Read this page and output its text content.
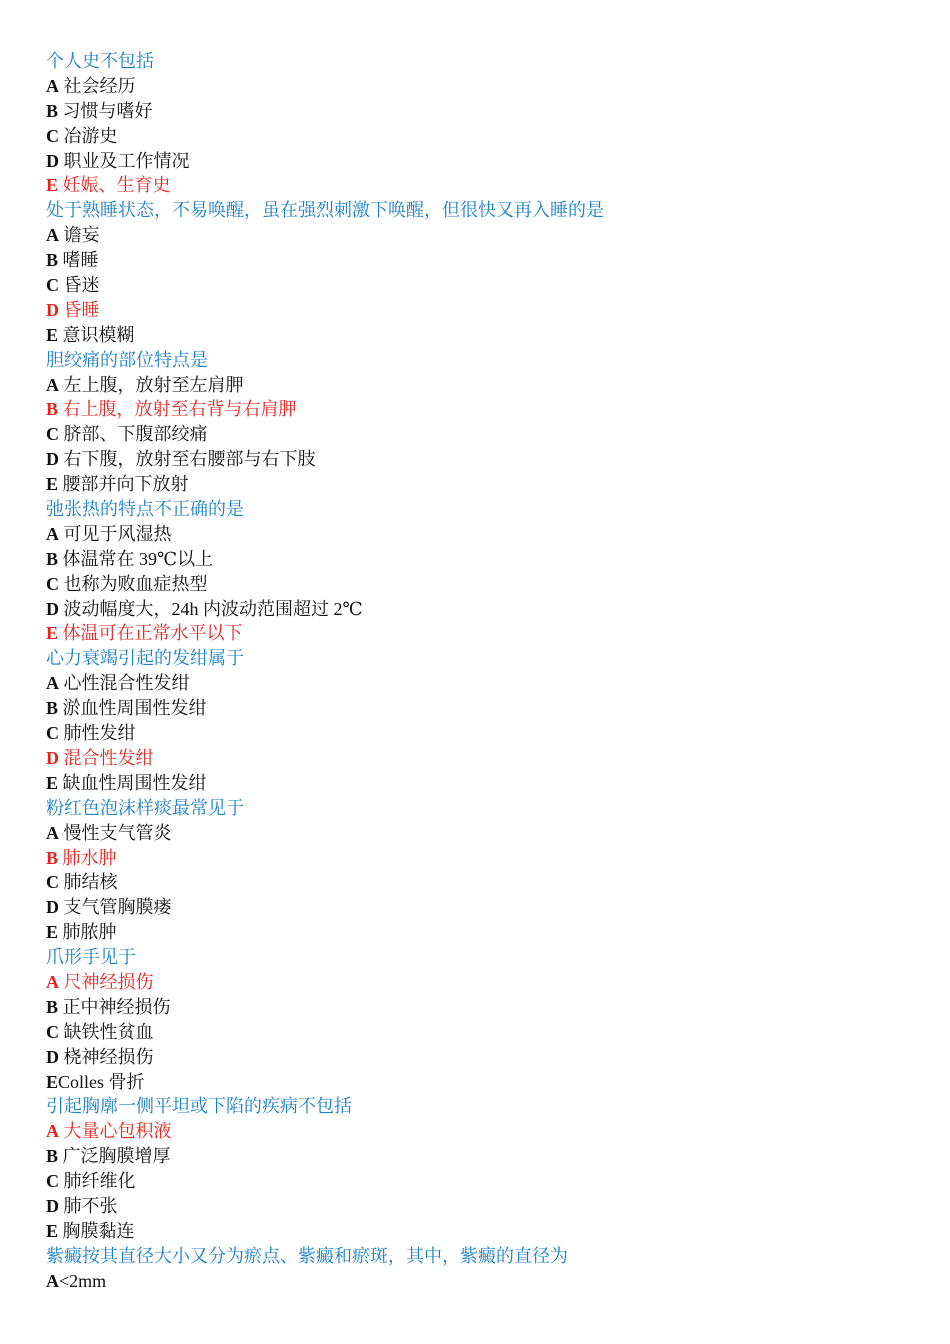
个人史不包括
A 社会经历
B 习惯与嗜好
C 冶游史
D 职业及工作情况
E 妊娠、生育史
处于熟睡状态，不易唤醒，虽在强烈刺激下唤醒，但很快又再入睡的是
A 谵妄
B 嗜睡
C 昏迷
D 昏睡
E 意识模糊
胆绞痛的部位特点是
A 左上腹，放射至左肩胛
B 右上腹，放射至右背与右肩胛
C 脐部、下腹部绞痛
D 右下腹，放射至右腰部与右下肢
E 腰部并向下放射
弛张热的特点不正确的是
A 可见于风湿热
B 体温常在 39℃以上
C 也称为败血症热型
D 波动幅度大，24h 内波动范围超过 2℃
E 体温可在正常水平以下
心力衰竭引起的发绀属于
A 心性混合性发绀
B 淤血性周围性发绀
C 肺性发绀
D 混合性发绀
E 缺血性周围性发绀
粉红色泡沫样痰最常见于
A 慢性支气管炎
B 肺水肿
C 肺结核
D 支气管胸膜瘘
E 肺脓肿
爪形手见于
A 尺神经损伤
B 正中神经损伤
C 缺铁性贫血
D 桡神经损伤
EColles 骨折
引起胸廓一侧平坦或下陷的疾病不包括
A 大量心包积液
B 广泛胸膜增厚
C 肺纤维化
D 肺不张
E 胸膜黏连
紫癜按其直径大小又分为瘀点、紫癜和瘀斑，其中，紫癜的直径为
A<2mm
